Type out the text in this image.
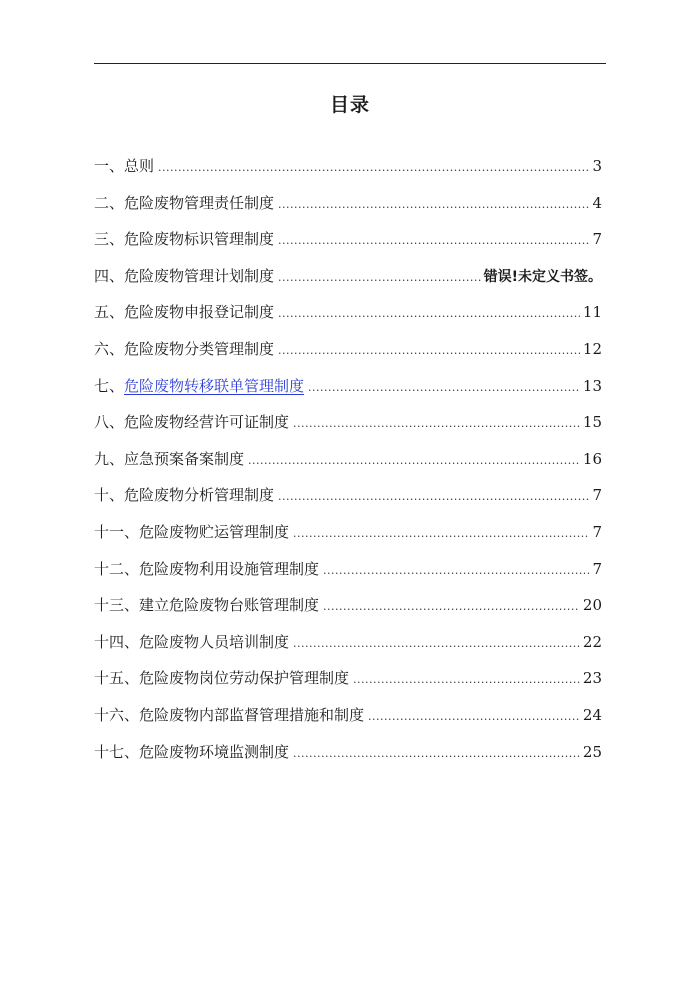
目录
一、 总则 .....	3
二、 危险废物管理责任制度 .....	4
三、 危险废物标识管理制度 .....	7
四、 危险废物管理计划制度 .....	错误!未定义书签。
五、 危险废物申报登记制度 .....	11
六、 危险废物分类管理制度 .....	12
七、 危险废物转移联单管理制度 .....	13
八、 危险废物经营许可证制度 .....	15
九、 应急预案备案制度 .....	16
十、 危险废物分析管理制度 .....	7
十一、 危险废物贮运管理制度 .....	7
十二、 危险废物利用设施管理制度 .....	7
十三、 建立危险废物台账管理制度 .....	20
十四、 危险废物人员培训制度 .....	22
十五、 危险废物岗位劳动保护管理制度 .....	23
十六、 危险废物内部监督管理措施和制度 .....	24
十七、 危险废物环境监测制度 .....	25
